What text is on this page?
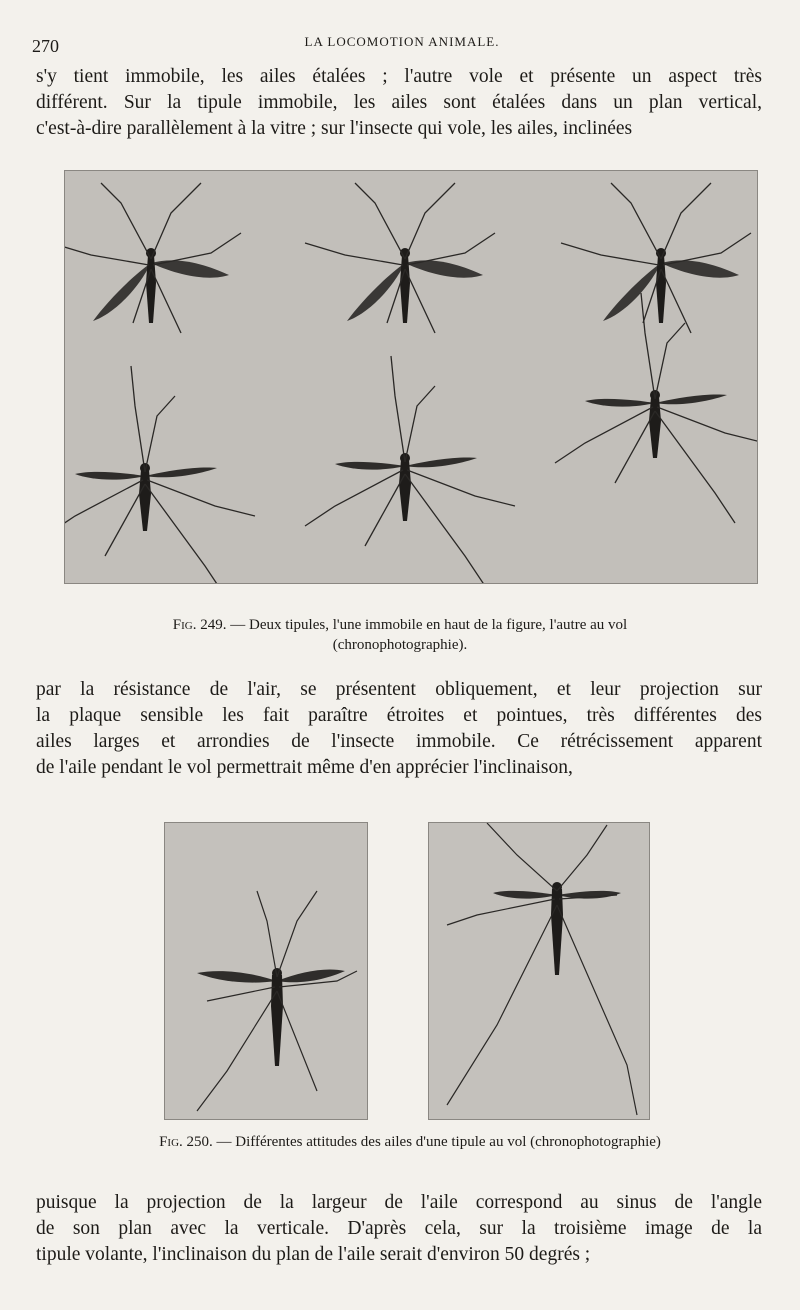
270	LA LOCOMOTION ANIMALE.
s'y tient immobile, les ailes étalées ; l'autre vole et présente un aspect très
différent. Sur la tipule immobile, les ailes sont étalées dans un plan vertical,
c'est-à-dire parallèlement à la vitre ; sur l'insecte qui vole, les ailes, inclinées
Fig. 249. — Deux tipules, l'une immobile en haut de la figure, l'autre au vol
(chronophotographie).
par la résistance de l'air, se présentent obliquement, et leur projection sur
la plaque sensible les fait paraître étroites et pointues, très différentes des
ailes larges et arrondies de l'insecte immobile. Ce rétrécissement apparent
de l'aile pendant le vol permettrait même d'en apprécier l'inclinaison,
Fig. 250. — Différentes attitudes des ailes d'une tipule au vol (chronophotographie)
puisque la projection de la largeur de l'aile correspond au sinus de l'angle
de son plan avec la verticale. D'après cela, sur la troisième image de la
tipule volante, l'inclinaison du plan de l'aile serait d'environ 50 degrés ;
